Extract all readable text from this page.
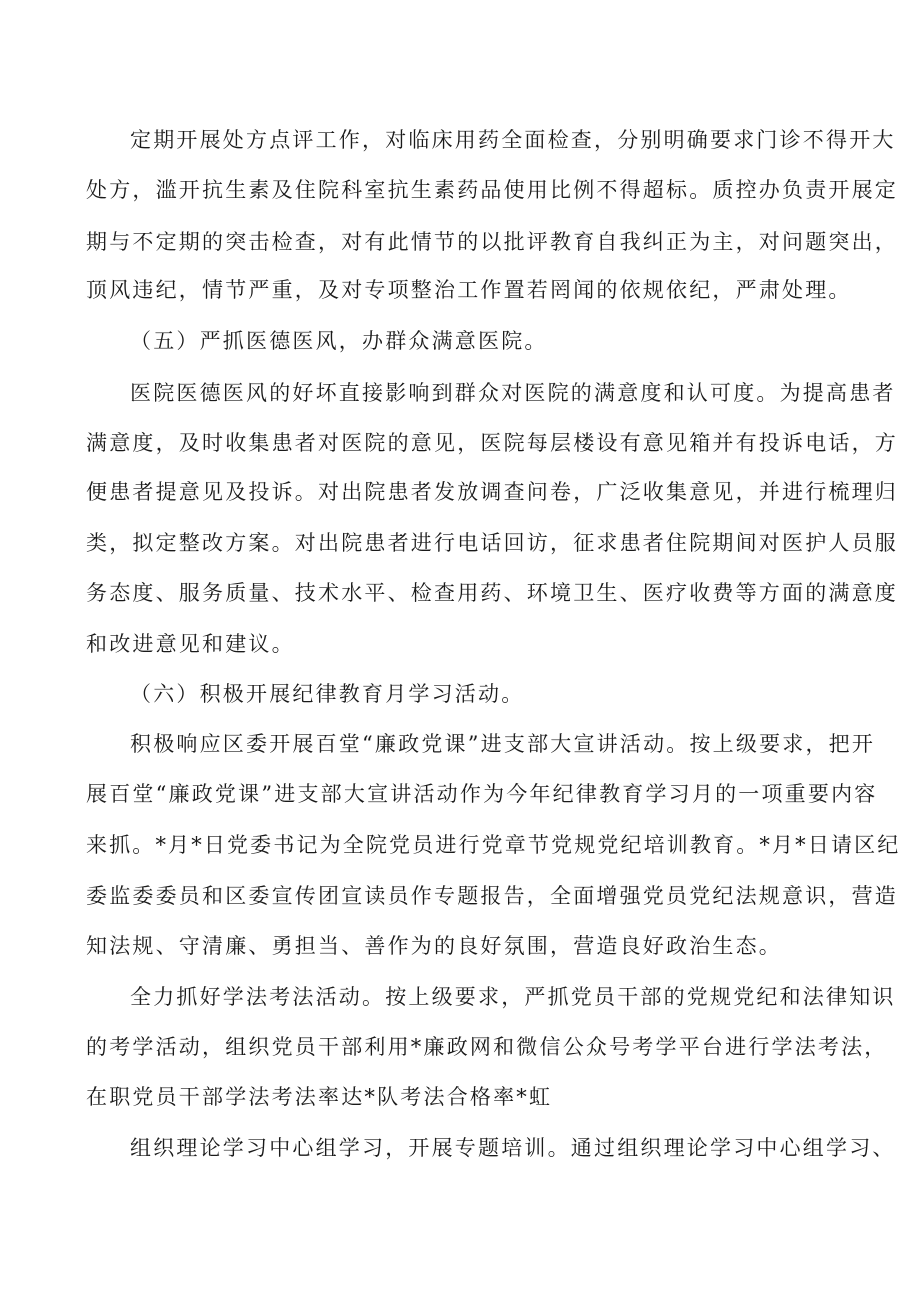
定期开展处方点评工作，对临床用药全面检查，分别明确要求门诊不得开大
处方，滥开抗生素及住院科室抗生素药品使用比例不得超标。质控办负责开展定
期与不定期的突击检查，对有此情节的以批评教育自我纠正为主，对问题突出，
顶风违纪，情节严重，及对专项整治工作置若罔闻的依规依纪，严肃处理。
（五）严抓医德医风，办群众满意医院。
医院医德医风的好坏直接影响到群众对医院的满意度和认可度。为提高患者
满意度，及时收集患者对医院的意见，医院每层楼设有意见箱并有投诉电话，方
便患者提意见及投诉。对出院患者发放调查问卷，广泛收集意见，并进行梳理归
类，拟定整改方案。对出院患者进行电话回访，征求患者住院期间对医护人员服
务态度、服务质量、技术水平、检查用药、环境卫生、医疗收费等方面的满意度
和改进意见和建议。
（六）积极开展纪律教育月学习活动。
积极响应区委开展百堂“廉政党课”进支部大宣讲活动。按上级要求，把开
展百堂“廉政党课”进支部大宣讲活动作为今年纪律教育学习月的一项重要内容
来抓。*月*日党委书记为全院党员进行党章节党规党纪培训教育。*月*日请区纪
委监委委员和区委宣传团宣读员作专题报告，全面增强党员党纪法规意识，营造
知法规、守清廉、勇担当、善作为的良好氛围，营造良好政治生态。
全力抓好学法考法活动。按上级要求，严抓党员干部的党规党纪和法律知识
的考学活动，组织党员干部利用*廉政网和微信公众号考学平台进行学法考法，
在职党员干部学法考法率达*队考法合格率*虹
组织理论学习中心组学习，开展专题培训。通过组织理论学习中心组学习、
